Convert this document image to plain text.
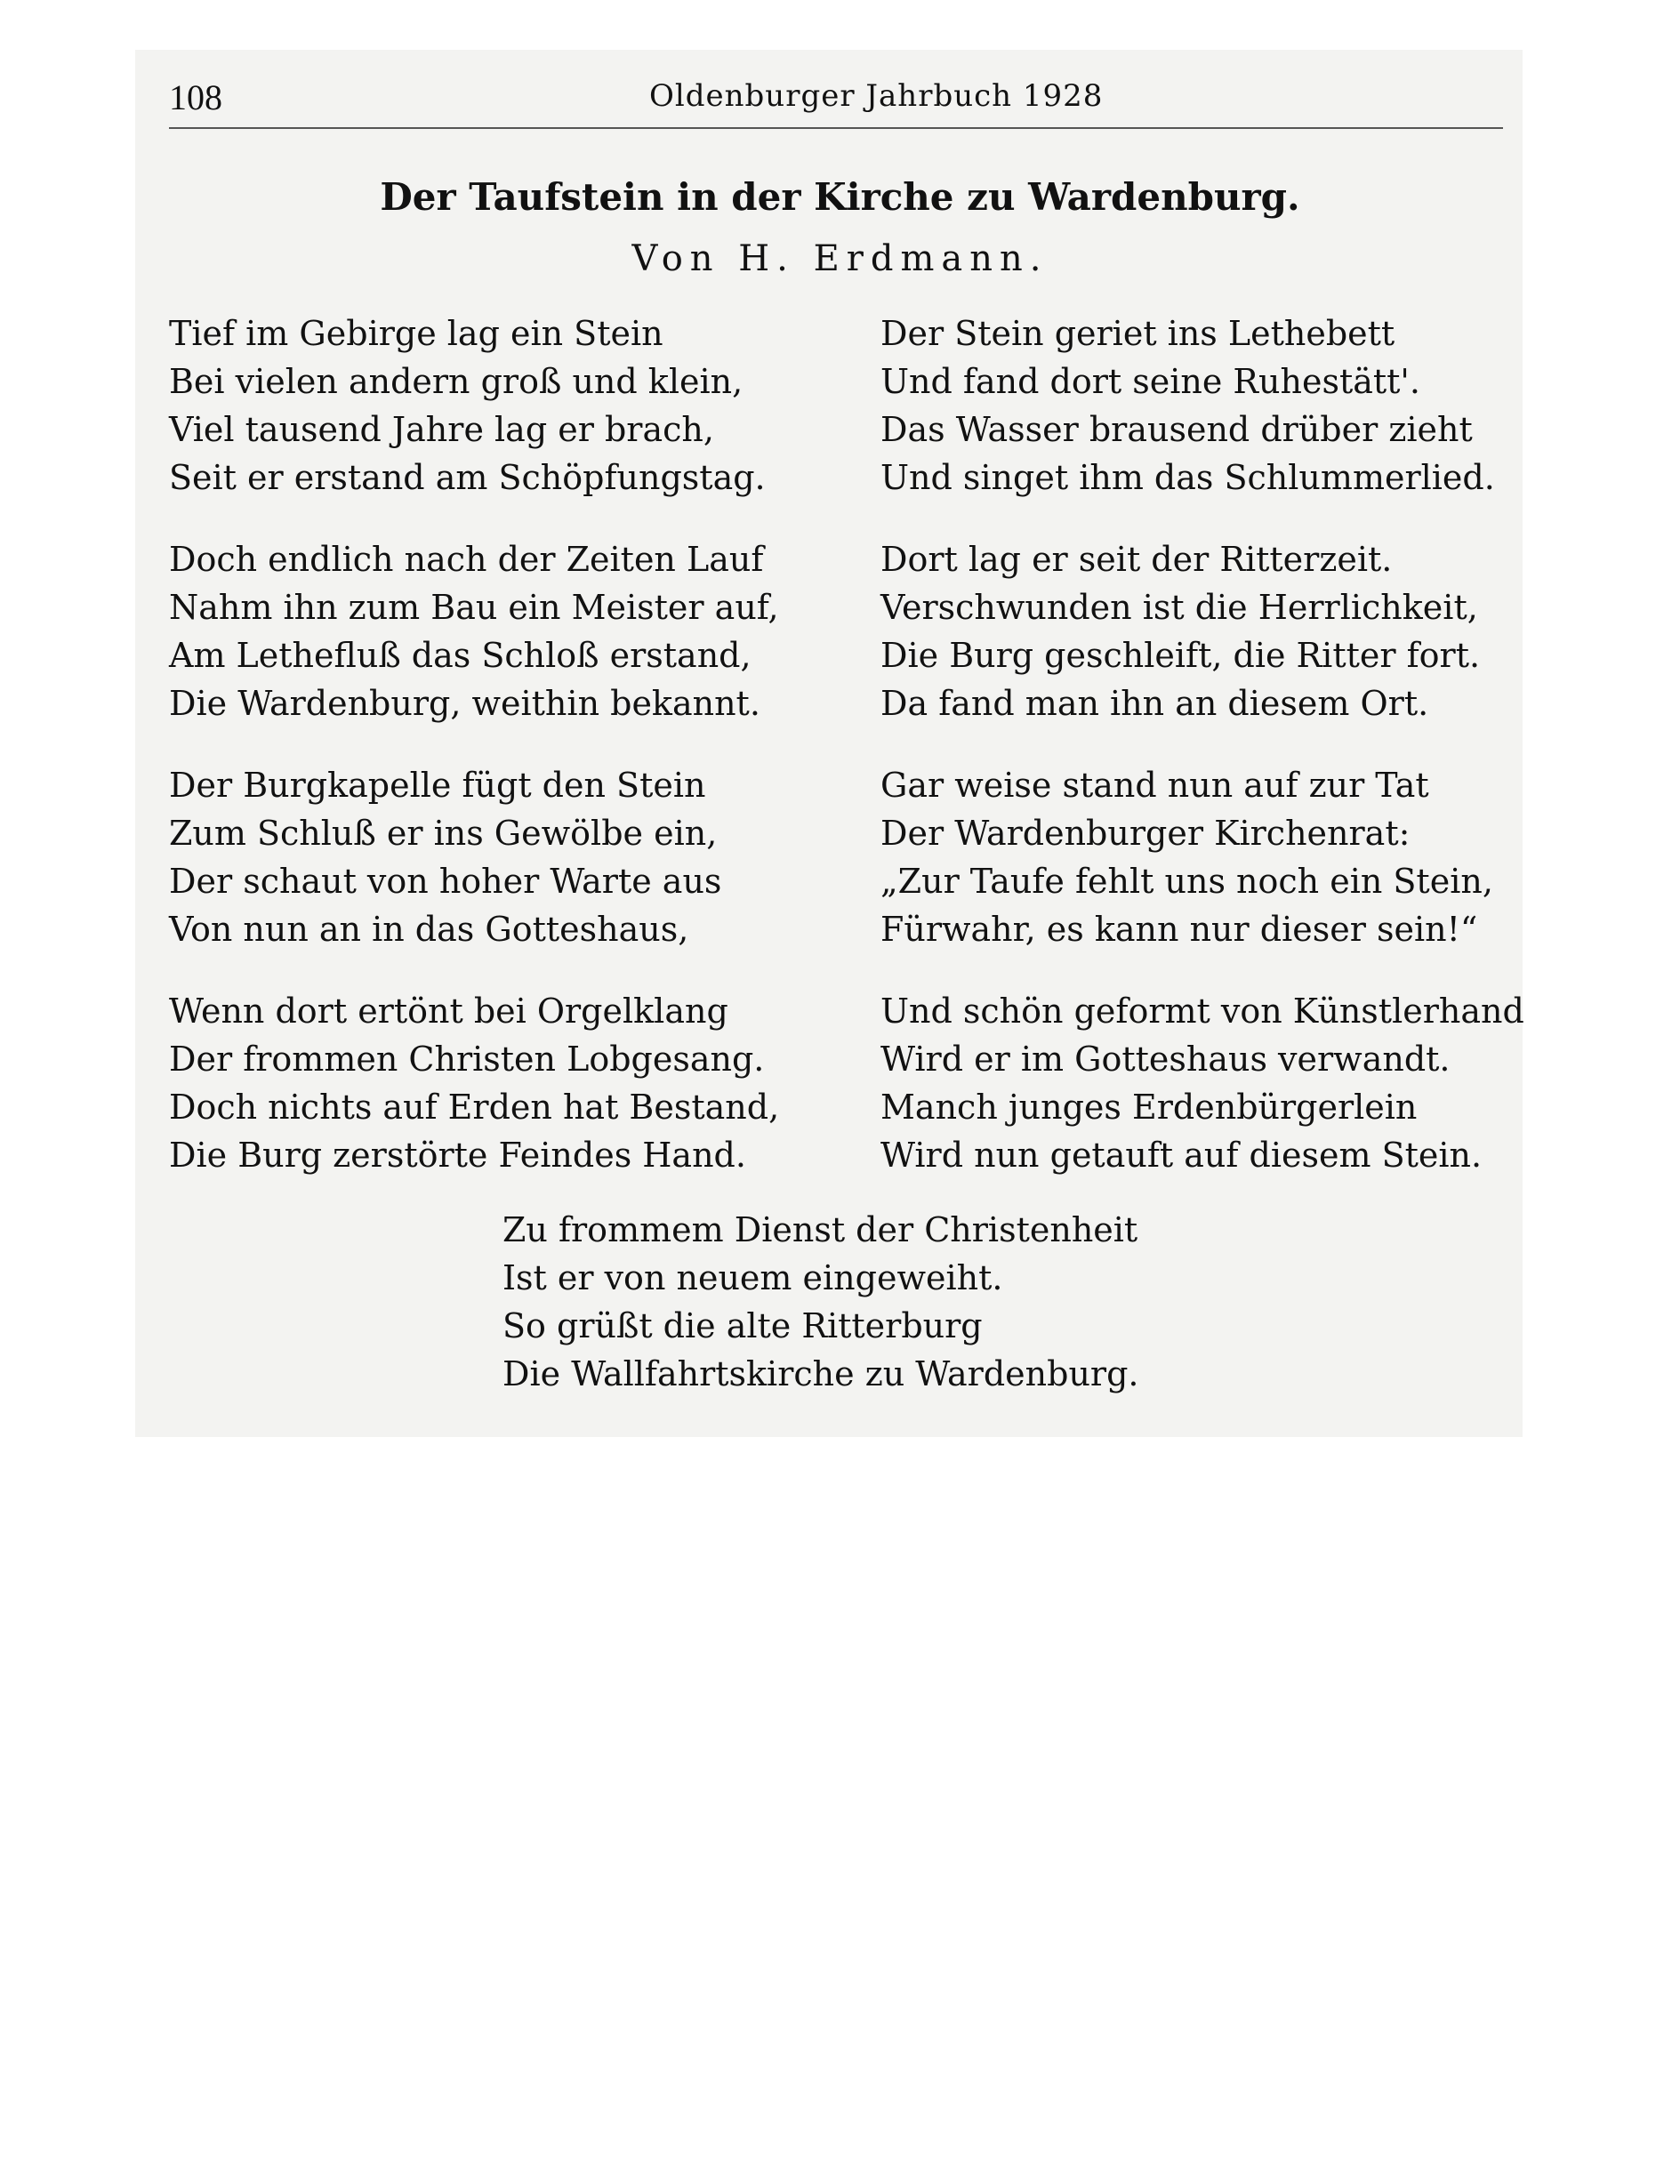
108	Oldenburger Jahrbuch 1928
Der Taufstein in der Kirche zu Wardenburg.
Von H. Erdmann.
Tief im Gebirge lag ein Stein
Bei vielen andern groß und klein,
Viel tausend Jahre lag er brach,
Seit er erstand am Schöpfungstag.
Doch endlich nach der Zeiten Lauf
Nahm ihn zum Bau ein Meister auf,
Am Lethefluß das Schloß erstand,
Die Wardenburg, weithin bekannt.
Der Burgkapelle fügt den Stein
Zum Schluß er ins Gewölbe ein,
Der schaut von hoher Warte aus
Von nun an in das Gotteshaus,
Wenn dort ertönt bei Orgelklang
Der frommen Christen Lobgesang.
Doch nichts auf Erden hat Bestand,
Die Burg zerstörte Feindes Hand.
Der Stein geriet ins Lethebett
Und fand dort seine Ruhestätt'.
Das Wasser brausend drüber zieht
Und singet ihm das Schlummerlied.
Dort lag er seit der Ritterzeit.
Verschwunden ist die Herrlichkeit,
Die Burg geschleift, die Ritter fort.
Da fand man ihn an diesem Ort.
Gar weise stand nun auf zur Tat
Der Wardenburger Kirchenrat:
„Zur Taufe fehlt uns noch ein Stein,
Fürwahr, es kann nur dieser sein!“
Und schön geformt von Künstlerhand
Wird er im Gotteshaus verwandt.
Manch junges Erdenbürgerlein
Wird nun getauft auf diesem Stein.
Zu frommem Dienst der Christenheit
Ist er von neuem eingeweiht.
So grüßt die alte Ritterburg
Die Wallfahrtskirche zu Wardenburg.
